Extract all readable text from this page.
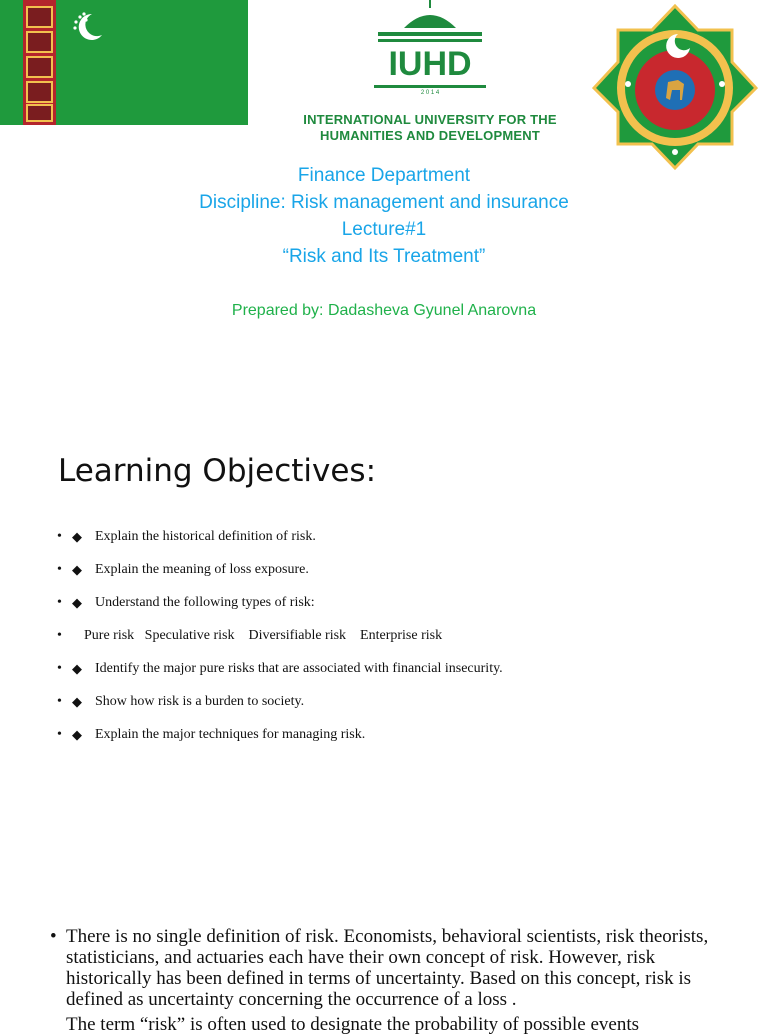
IUHD
2 0 1 4
INTERNATIONAL UNIVERSITY FOR THE
HUMANITIES AND DEVELOPMENT
Finance Department
Discipline: Risk management and insurance
Lecture#1
“Risk and Its Treatment”
Prepared by: Dadasheva Gyunel Anarovna
Learning Objectives:
• ◆ Explain the historical definition of risk.
• ◆ Explain the meaning of loss exposure.
• ◆ Understand the following types of risk:
• Pure risk   Speculative risk    Diversifiable risk    Enterprise risk
• ◆ Identify the major pure risks that are associated with financial insecurity.
• ◆ Show how risk is a burden to society.
• ◆ Explain the major techniques for managing risk.
• There is no single definition of risk. Economists, behavioral scientists, risk theorists, statisticians, and actuaries each have their own concept of risk. However, risk historically has been defined in terms of uncertainty. Based on this concept, risk is defined as uncertainty concerning the occurrence of a loss .
The term “risk” is often used to designate the probability of possible events
